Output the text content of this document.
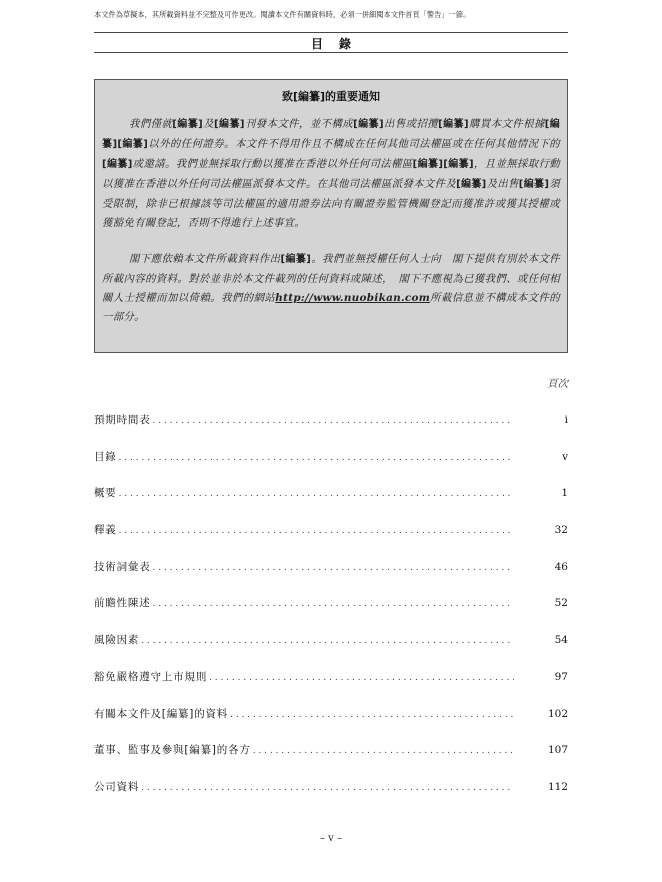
本文件為草擬本，其所載資料並不完整及可作更改。閱讀本文件有關資料時，必須一併細閱本文件首頁「警告」一節。
目錄
致[編纂]的重要通知

我們僅就[編纂]及[編纂]刊發本文件，並不構成[編纂]出售或招攬[編纂]購買本文件根據[編纂][編纂]以外的任何證券。本文件不得用作且不構成在任何其他司法權區或在任何其他情況下的[編纂]或邀請。我們並無採取行動以獲准在香港以外任何司法權區[編纂][編纂]，且並無採取行動以獲准在香港以外任何司法權區派發本文件。在其他司法權區派發本文件及[編纂]及出售[編纂]須受限制，除非已根據該等司法權區的適用證券法向有關證券監管機關登記而獲准許或獲其授權或獲豁免有關登記，否則不得進行上述事宜。

閣下應依賴本文件所載資料作出[編纂]。我們並無授權任何人士向　閣下提供有別於本文件所載內容的資料。對於並非於本文件載列的任何資料或陳述，　閣下不應視為已獲我們、或任何相關人士授權而加以倚賴。我們的網站http://www.nuobikan.com所載信息並不構成本文件的一部分。

頁次
預期時間表 . . .	i
目錄 . . .	v
概要 . . .	1
釋義 . . .	32
技術詞彙表 . . .	46
前瞻性陳述 . . .	52
風險因素 . . .	54
豁免嚴格遵守上市規則 . . .	97
有關本文件及[編纂]的資料 . . .	102
董事、監事及參與[編纂]的各方 . . .	107
公司資料 . . .	112
– v –
